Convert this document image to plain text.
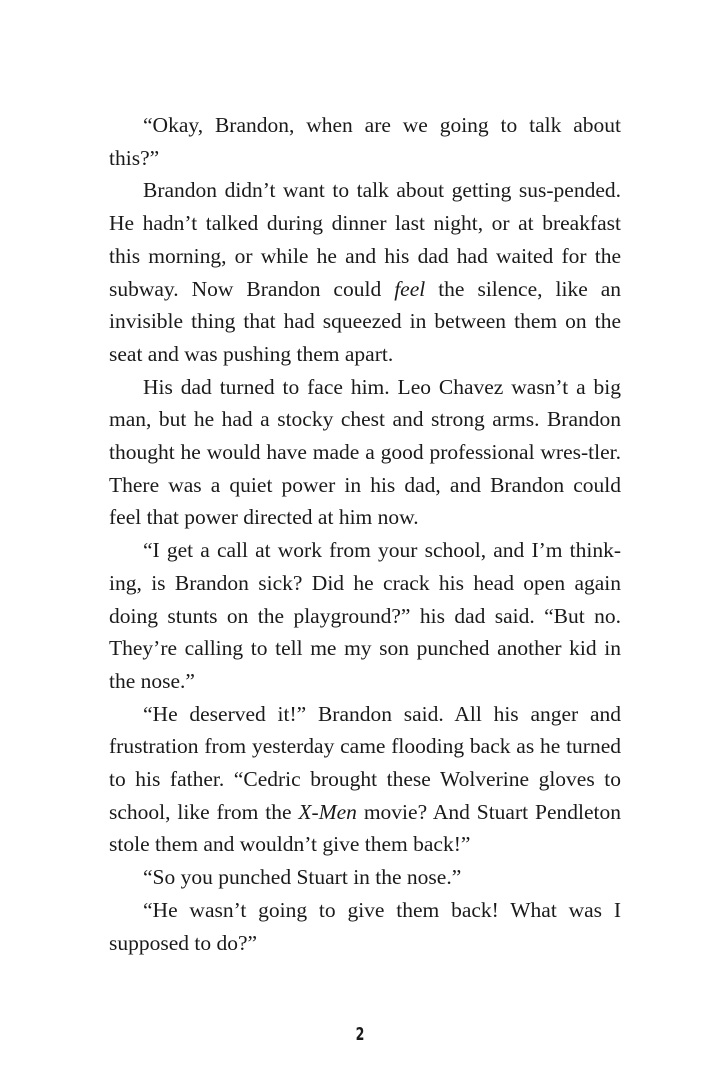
“Okay, Brandon, when are we going to talk about this?”

Brandon didn’t want to talk about getting sus-pended. He hadn’t talked during dinner last night, or at breakfast this morning, or while he and his dad had waited for the subway. Now Brandon could feel the silence, like an invisible thing that had squeezed in between them on the seat and was pushing them apart.

His dad turned to face him. Leo Chavez wasn’t a big man, but he had a stocky chest and strong arms. Brandon thought he would have made a good professional wres-tler. There was a quiet power in his dad, and Brandon could feel that power directed at him now.

“I get a call at work from your school, and I’m think-ing, is Brandon sick? Did he crack his head open again doing stunts on the playground?” his dad said. “But no. They’re calling to tell me my son punched another kid in the nose.”

“He deserved it!” Brandon said. All his anger and frustration from yesterday came flooding back as he turned to his father. “Cedric brought these Wolverine gloves to school, like from the X-Men movie? And Stuart Pendleton stole them and wouldn’t give them back!”

“So you punched Stuart in the nose.”

“He wasn’t going to give them back! What was I supposed to do?”

2
